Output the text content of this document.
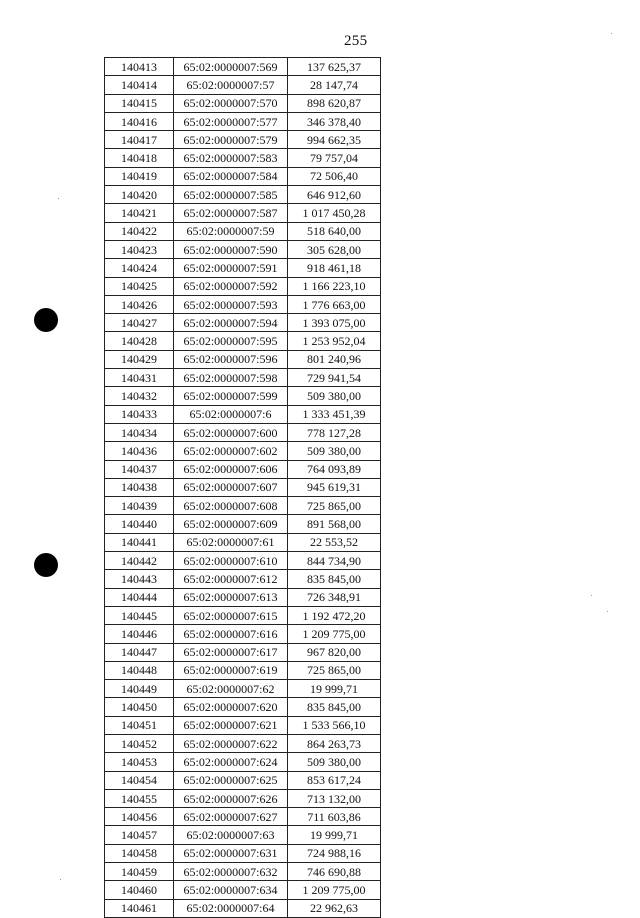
255
140413	65:02:0000007:569	137 625,37
140414	65:02:0000007:57	28 147,74
140415	65:02:0000007:570	898 620,87
140416	65:02:0000007:577	346 378,40
140417	65:02:0000007:579	994 662,35
140418	65:02:0000007:583	79 757,04
140419	65:02:0000007:584	72 506,40
140420	65:02:0000007:585	646 912,60
140421	65:02:0000007:587	1 017 450,28
140422	65:02:0000007:59	518 640,00
140423	65:02:0000007:590	305 628,00
140424	65:02:0000007:591	918 461,18
140425	65:02:0000007:592	1 166 223,10
140426	65:02:0000007:593	1 776 663,00
140427	65:02:0000007:594	1 393 075,00
140428	65:02:0000007:595	1 253 952,04
140429	65:02:0000007:596	801 240,96
140431	65:02:0000007:598	729 941,54
140432	65:02:0000007:599	509 380,00
140433	65:02:0000007:6	1 333 451,39
140434	65:02:0000007:600	778 127,28
140436	65:02:0000007:602	509 380,00
140437	65:02:0000007:606	764 093,89
140438	65:02:0000007:607	945 619,31
140439	65:02:0000007:608	725 865,00
140440	65:02:0000007:609	891 568,00
140441	65:02:0000007:61	22 553,52
140442	65:02:0000007:610	844 734,90
140443	65:02:0000007:612	835 845,00
140444	65:02:0000007:613	726 348,91
140445	65:02:0000007:615	1 192 472,20
140446	65:02:0000007:616	1 209 775,00
140447	65:02:0000007:617	967 820,00
140448	65:02:0000007:619	725 865,00
140449	65:02:0000007:62	19 999,71
140450	65:02:0000007:620	835 845,00
140451	65:02:0000007:621	1 533 566,10
140452	65:02:0000007:622	864 263,73
140453	65:02:0000007:624	509 380,00
140454	65:02:0000007:625	853 617,24
140455	65:02:0000007:626	713 132,00
140456	65:02:0000007:627	711 603,86
140457	65:02:0000007:63	19 999,71
140458	65:02:0000007:631	724 988,16
140459	65:02:0000007:632	746 690,88
140460	65:02:0000007:634	1 209 775,00
140461	65:02:0000007:64	22 962,63
